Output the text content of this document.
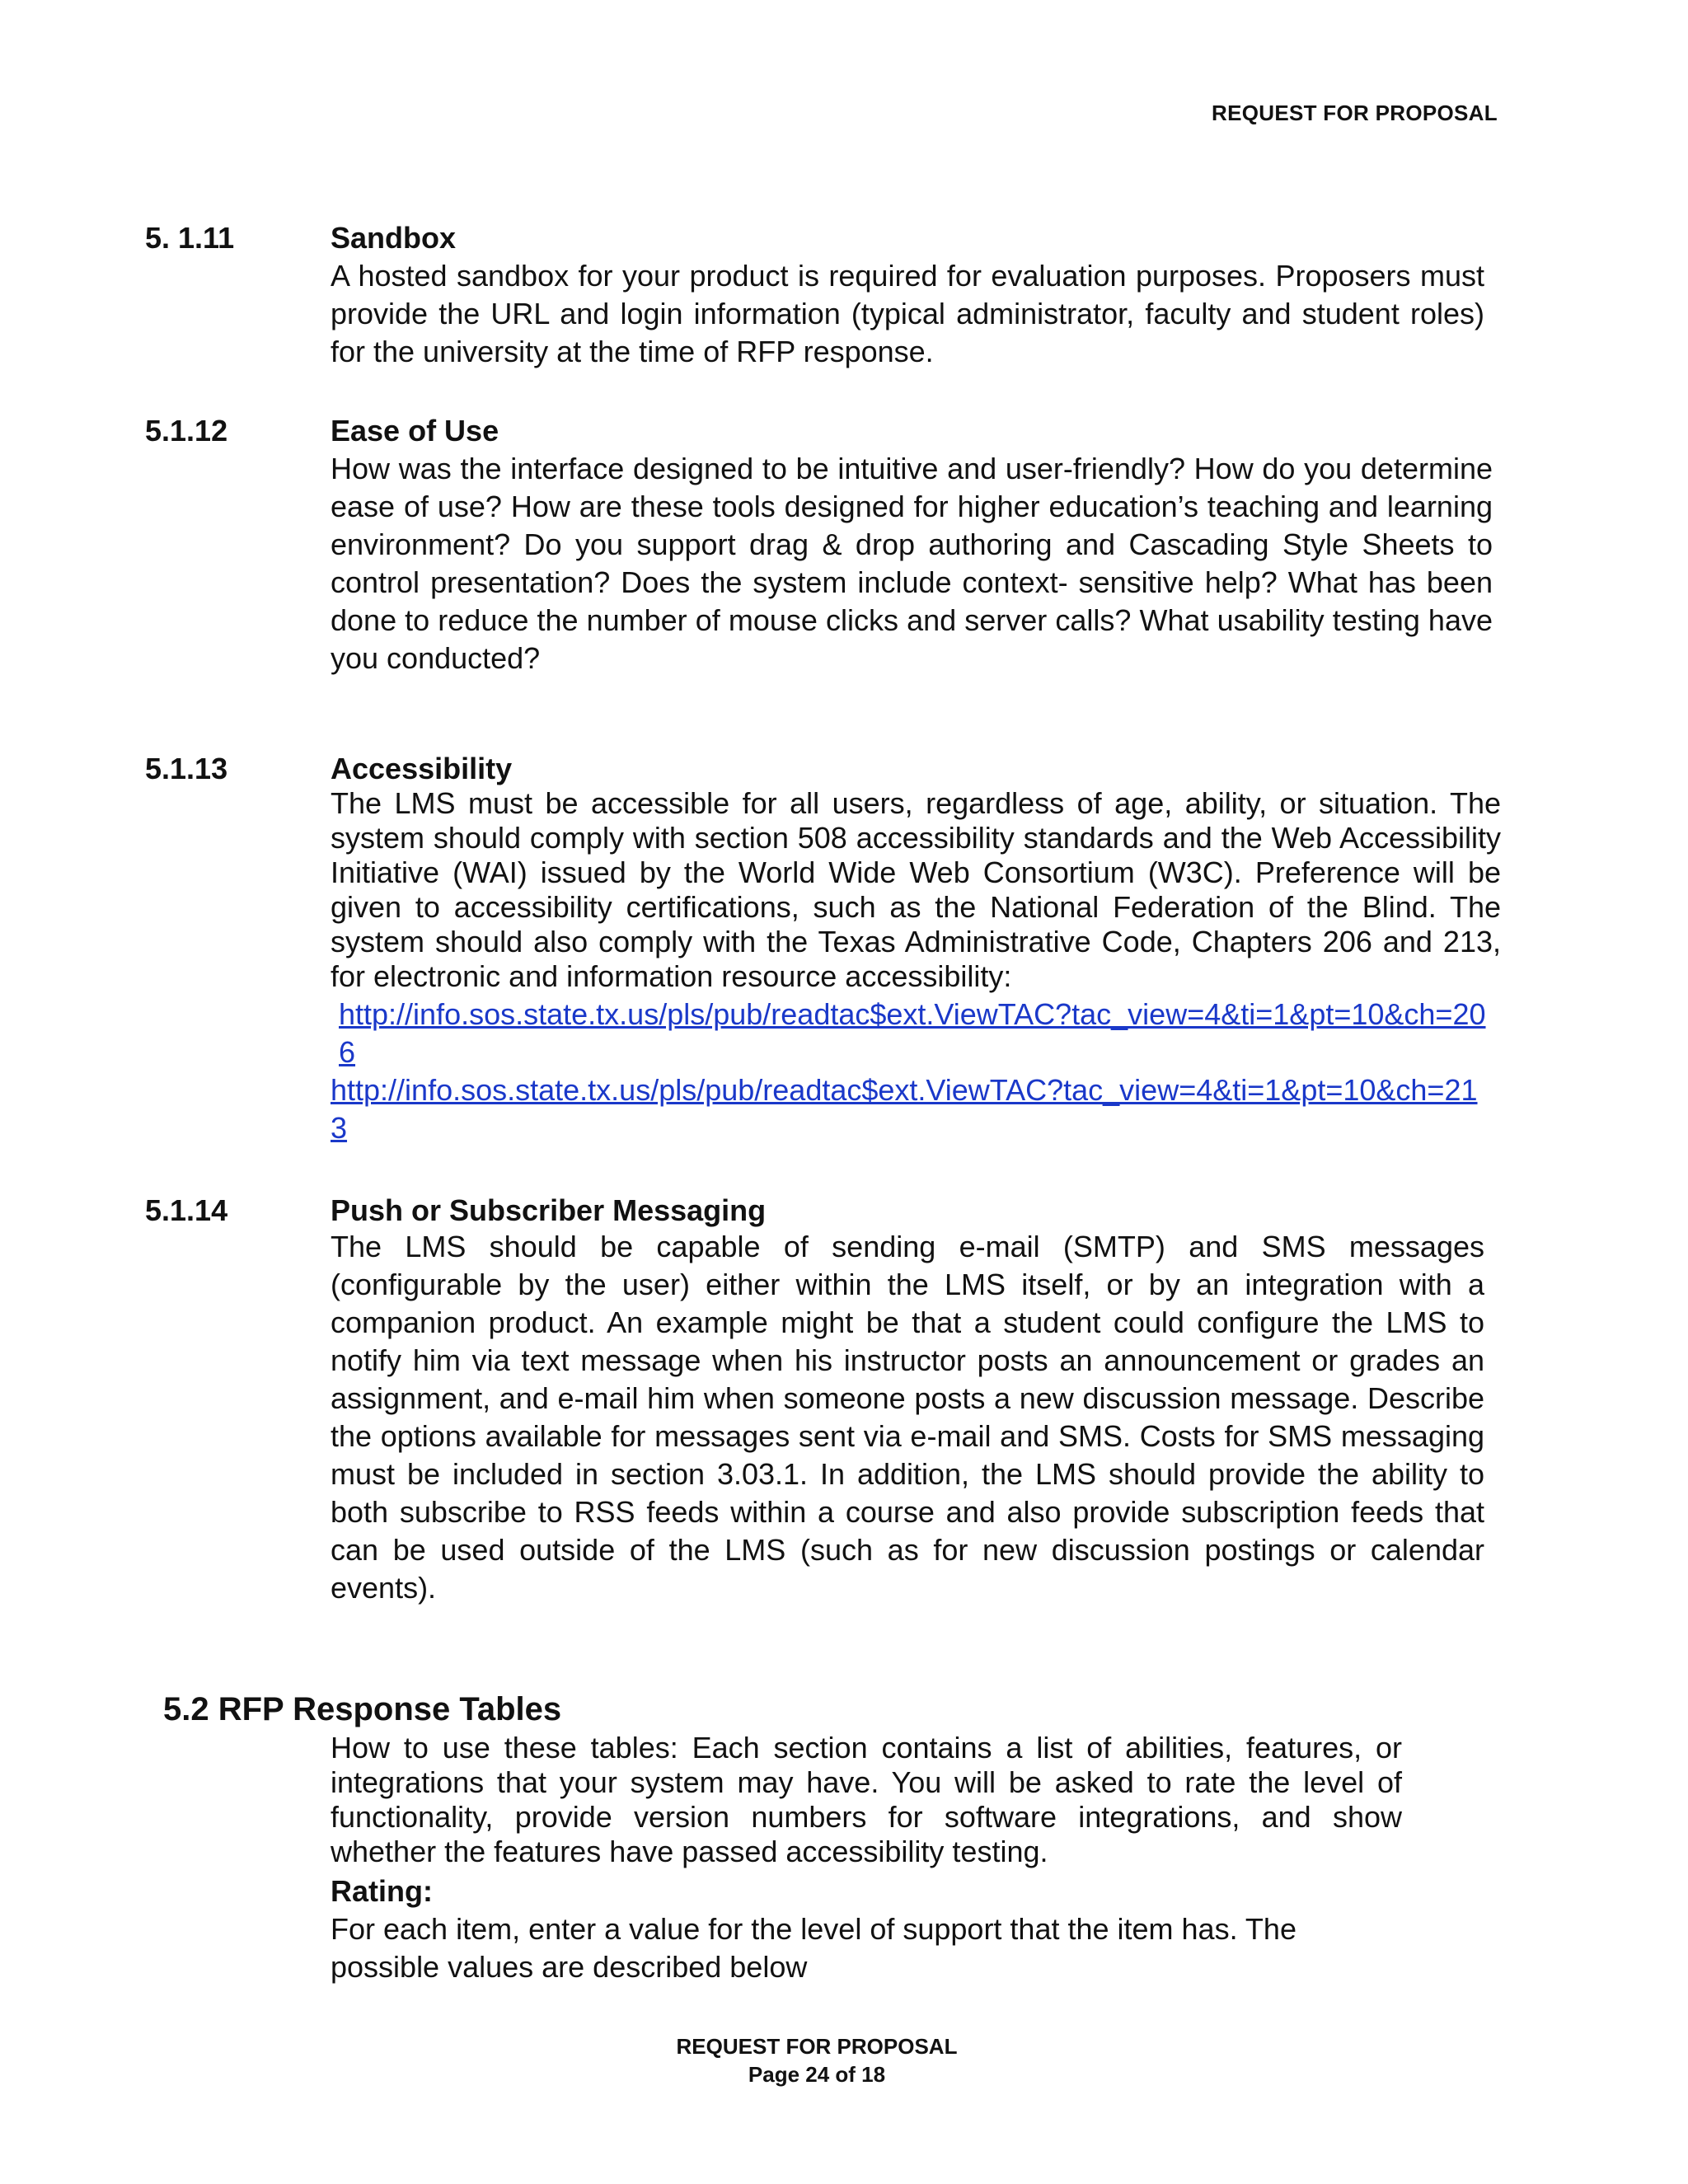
REQUEST FOR PROPOSAL
5. 1.11	Sandbox

A hosted sandbox for your product is required for evaluation purposes. Proposers must provide the URL and login information (typical administrator, faculty and student roles) for the university at the time of RFP response.

5.1.12	Ease of Use

How was the interface designed to be intuitive and user-friendly? How do you determine ease of use? How are these tools designed for higher education’s teaching and learning environment? Do you support drag & drop authoring and Cascading Style Sheets to control presentation? Does the system include context- sensitive help? What has been done to reduce the number of mouse clicks and server calls? What usability testing have you conducted?

5.1.13	Accessibility

The LMS must be accessible for all users, regardless of age, ability, or situation. The system should comply with section 508 accessibility standards and the Web Accessibility Initiative (WAI) issued by the World Wide Web Consortium (W3C). Preference will be given to accessibility certifications, such as the National Federation of the Blind. The system should also comply with the Texas Administrative Code, Chapters 206 and 213, for electronic and information resource accessibility:

http://info.sos.state.tx.us/pls/pub/readtac$ext.ViewTAC?tac_view=4&ti=1&pt=10&ch=206
http://info.sos.state.tx.us/pls/pub/readtac$ext.ViewTAC?tac_view=4&ti=1&pt=10&ch=213
5.1.14	Push or Subscriber Messaging

The LMS should be capable of sending e-mail (SMTP) and SMS messages (configurable by the user) either within the LMS itself, or by an integration with a companion product. An example might be that a student could configure the LMS to notify him via text message when his instructor posts an announcement or grades an assignment, and e-mail him when someone posts a new discussion message. Describe the options available for messages sent via e-mail and SMS. Costs for SMS messaging must be included in section 3.03.1. In addition, the LMS should provide the ability to both subscribe to RSS feeds within a course and also provide subscription feeds that can be used outside of the LMS (such as for new discussion postings or calendar events).

5.2 RFP Response Tables

How to use these tables: Each section contains a list of abilities, features, or integrations that your system may have. You will be asked to rate the level of functionality, provide version numbers for software integrations, and show whether the features have passed accessibility testing.

Rating:

For each item, enter a value for the level of support that the item has. The possible values are described below

REQUEST FOR PROPOSAL
Page 24 of 18
